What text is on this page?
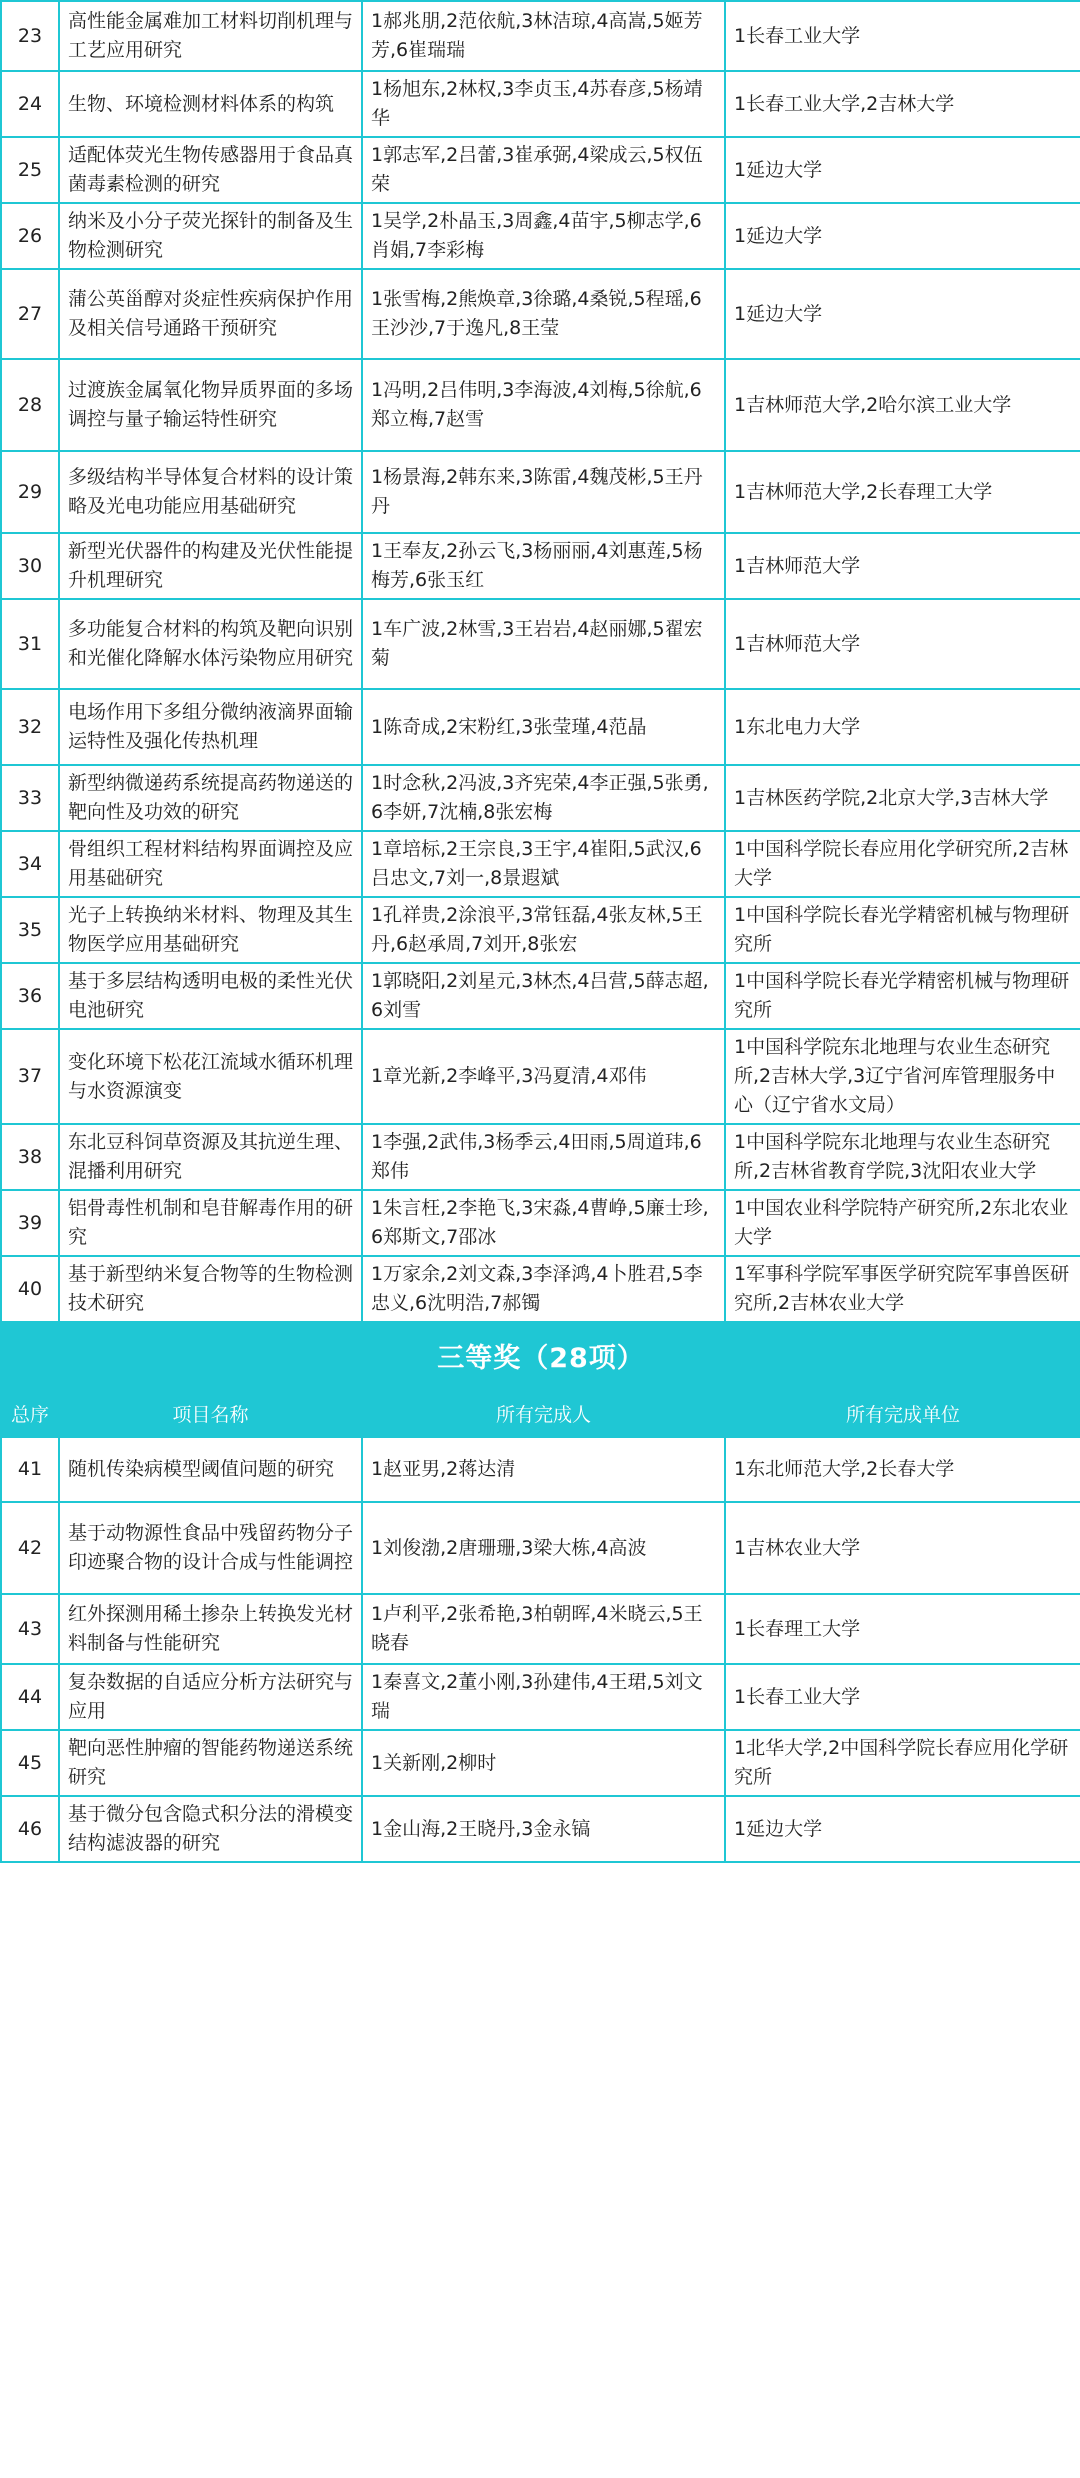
23	高性能金属难加工材料切削机理与工艺应用研究	1郝兆朋,2范依航,3林洁琼,4高嵩,5姬芳芳,6崔瑞瑞	1长春工业大学
24	生物、环境检测材料体系的构筑	1杨旭东,2林权,3李贞玉,4苏春彦,5杨靖华	1长春工业大学,2吉林大学
25	适配体荧光生物传感器用于食品真菌毒素检测的研究	1郭志军,2吕蕾,3崔承弼,4梁成云,5权伍荣	1延边大学
26	纳米及小分子荧光探针的制备及生物检测研究	1吴学,2朴晶玉,3周鑫,4苗宇,5柳志学,6肖娟,7李彩梅	1延边大学
27	蒲公英甾醇对炎症性疾病保护作用及相关信号通路干预研究	1张雪梅,2熊焕章,3徐璐,4桑锐,5程瑶,6王沙沙,7于逸凡,8王莹	1延边大学
28	过渡族金属氧化物异质界面的多场调控与量子输运特性研究	1冯明,2吕伟明,3李海波,4刘梅,5徐航,6郑立梅,7赵雪	1吉林师范大学,2哈尔滨工业大学
29	多级结构半导体复合材料的设计策略及光电功能应用基础研究	1杨景海,2韩东来,3陈雷,4魏茂彬,5王丹丹	1吉林师范大学,2长春理工大学
30	新型光伏器件的构建及光伏性能提升机理研究	1王奉友,2孙云飞,3杨丽丽,4刘惠莲,5杨梅芳,6张玉红	1吉林师范大学
31	多功能复合材料的构筑及靶向识别和光催化降解水体污染物应用研究	1车广波,2林雪,3王岩岩,4赵丽娜,5翟宏菊	1吉林师范大学
32	电场作用下多组分微纳液滴界面输运特性及强化传热机理	1陈奇成,2宋粉红,3张莹瑾,4范晶	1东北电力大学
33	新型纳微递药系统提高药物递送的靶向性及功效的研究	1时念秋,2冯波,3齐宪荣,4李正强,5张勇,6李妍,7沈楠,8张宏梅	1吉林医药学院,2北京大学,3吉林大学
34	骨组织工程材料结构界面调控及应用基础研究	1章培标,2王宗良,3王宇,4崔阳,5武汉,6吕忠文,7刘一,8景遐斌	1中国科学院长春应用化学研究所,2吉林大学
35	光子上转换纳米材料、物理及其生物医学应用基础研究	1孔祥贵,2涂浪平,3常钰磊,4张友林,5王丹,6赵承周,7刘开,8张宏	1中国科学院长春光学精密机械与物理研究所
36	基于多层结构透明电极的柔性光伏电池研究	1郭晓阳,2刘星元,3林杰,4吕营,5薛志超,6刘雪	1中国科学院长春光学精密机械与物理研究所
37	变化环境下松花江流域水循环机理与水资源演变	1章光新,2李峰平,3冯夏清,4邓伟	1中国科学院东北地理与农业生态研究所,2吉林大学,3辽宁省河库管理服务中心（辽宁省水文局）
38	东北豆科饲草资源及其抗逆生理、混播利用研究	1李强,2武伟,3杨季云,4田雨,5周道玮,6郑伟	1中国科学院东北地理与农业生态研究所,2吉林省教育学院,3沈阳农业大学
39	铝骨毒性机制和皂苷解毒作用的研究	1朱言枉,2李艳飞,3宋淼,4曹峥,5廉士珍,6郑斯文,7邵冰	1中国农业科学院特产研究所,2东北农业大学
40	基于新型纳米复合物等的生物检测技术研究	1万家余,2刘文森,3李泽鸿,4卜胜君,5李忠义,6沈明浩,7郝镯	1军事科学院军事医学研究院军事兽医研究所,2吉林农业大学
三等奖（28项）			
总序	项目名称	所有完成人	所有完成单位
41	随机传染病模型阈值问题的研究	1赵亚男,2蒋达清	1东北师范大学,2长春大学
42	基于动物源性食品中残留药物分子印迹聚合物的设计合成与性能调控	1刘俊渤,2唐珊珊,3梁大栋,4高波	1吉林农业大学
43	红外探测用稀土掺杂上转换发光材料制备与性能研究	1卢利平,2张希艳,3柏朝晖,4米晓云,5王晓春	1长春理工大学
44	复杂数据的自适应分析方法研究与应用	1秦喜文,2董小刚,3孙建伟,4王珺,5刘文瑞	1长春工业大学
45	靶向恶性肿瘤的智能药物递送系统研究	1关新刚,2柳时	1北华大学,2中国科学院长春应用化学研究所
46	基于微分包含隐式积分法的滑模变结构滤波器的研究	1金山海,2王晓丹,3金永镐	1延边大学
